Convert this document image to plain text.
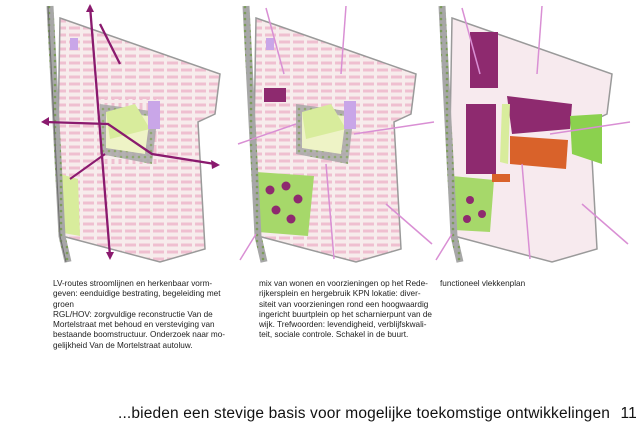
LV-routes stroomlijnen en herkenbaar vorm-
geven: eenduidige bestrating, begeleiding met
groen
RGL/HOV: zorgvuldige reconstructie Van de
Mortelstraat met behoud en versteviging van
bestaande boomstructuur. Onderzoek naar mo-
gelijkheid Van de Mortelstraat autoluw.
mix van wonen en voorzieningen op het Rede-
rijkersplein en hergebruik KPN lokatie: diver-
siteit van voorzieningen rond een hoogwaardig
ingericht buurtplein op het scharnierpunt van de
wijk. Trefwoorden: levendigheid, verblijfskwali-
teit, sociale controle. Schakel in de buurt.
functioneel vlekkenplan
...bieden een stevige basis voor mogelijke toekomstige ontwikkelingen 11
